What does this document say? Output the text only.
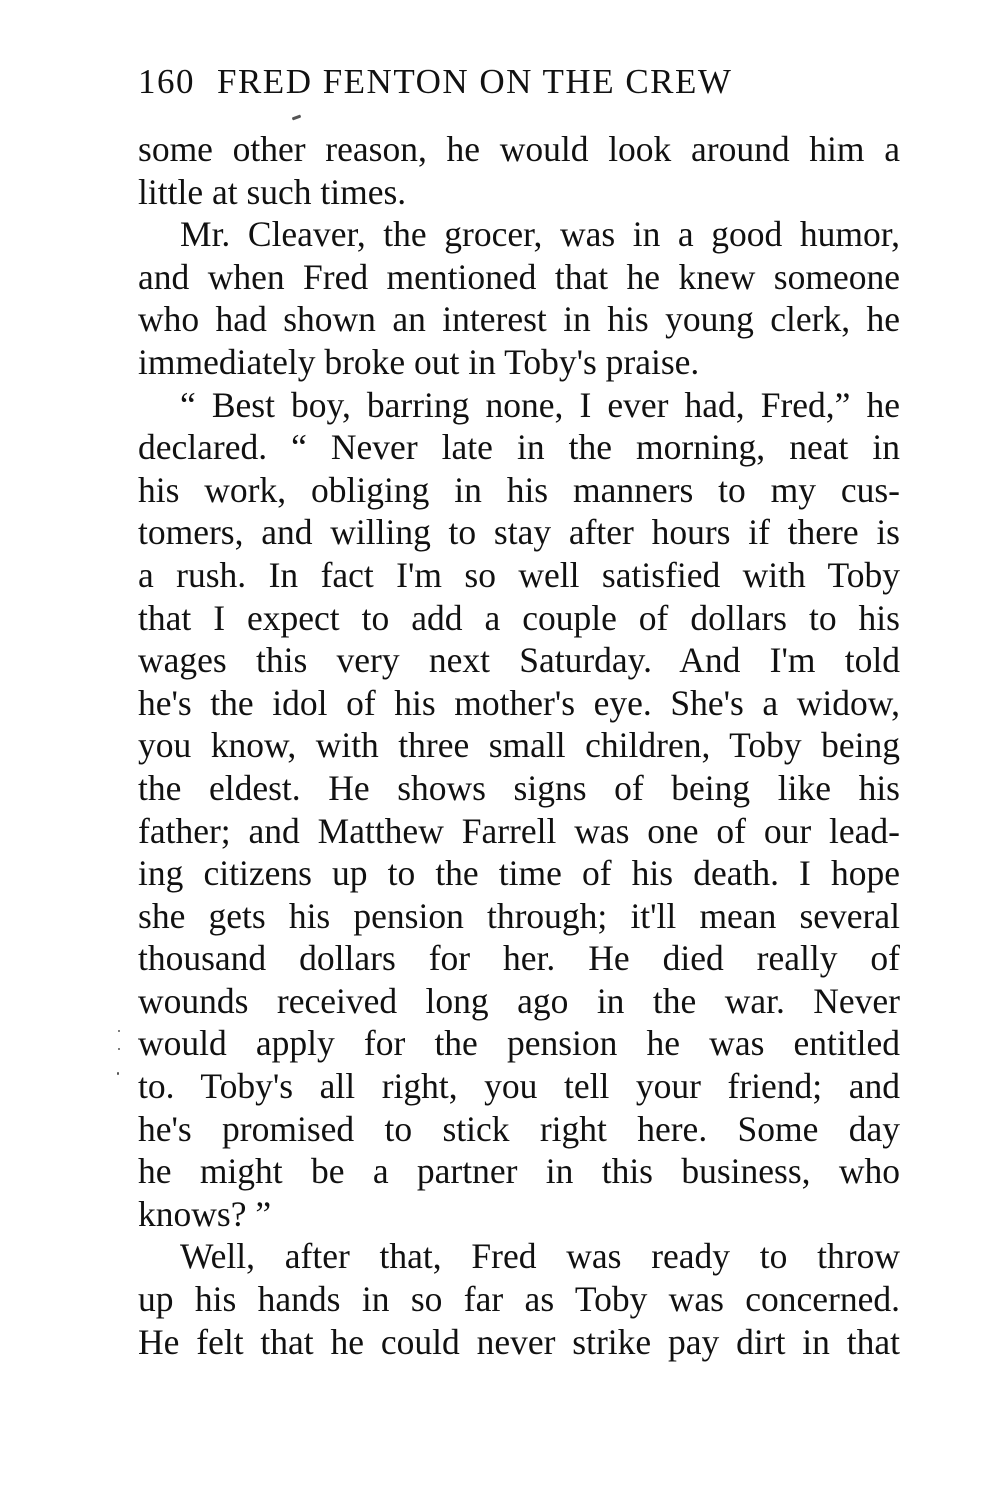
160 FRED FENTON ON THE CREW
some other reason, he would look around him a
little at such times.
Mr. Cleaver, the grocer, was in a good humor,
and when Fred mentioned that he knew someone
who had shown an interest in his young clerk, he
immediately broke out in Toby's praise.
“ Best boy, barring none, I ever had, Fred,” he
declared. “ Never late in the morning, neat in
his work, obliging in his manners to my cus-
tomers, and willing to stay after hours if there is
a rush. In fact I'm so well satisfied with Toby
that I expect to add a couple of dollars to his
wages this very next Saturday. And I'm told
he's the idol of his mother's eye. She's a widow,
you know, with three small children, Toby being
the eldest. He shows signs of being like his
father; and Matthew Farrell was one of our lead-
ing citizens up to the time of his death. I hope
she gets his pension through; it'll mean several
thousand dollars for her. He died really of
wounds received long ago in the war. Never
would apply for the pension he was entitled
to. Toby's all right, you tell your friend; and
he's promised to stick right here. Some day
he might be a partner in this business, who
knows? ”
Well, after that, Fred was ready to throw
up his hands in so far as Toby was concerned.
He felt that he could never strike pay dirt in that
